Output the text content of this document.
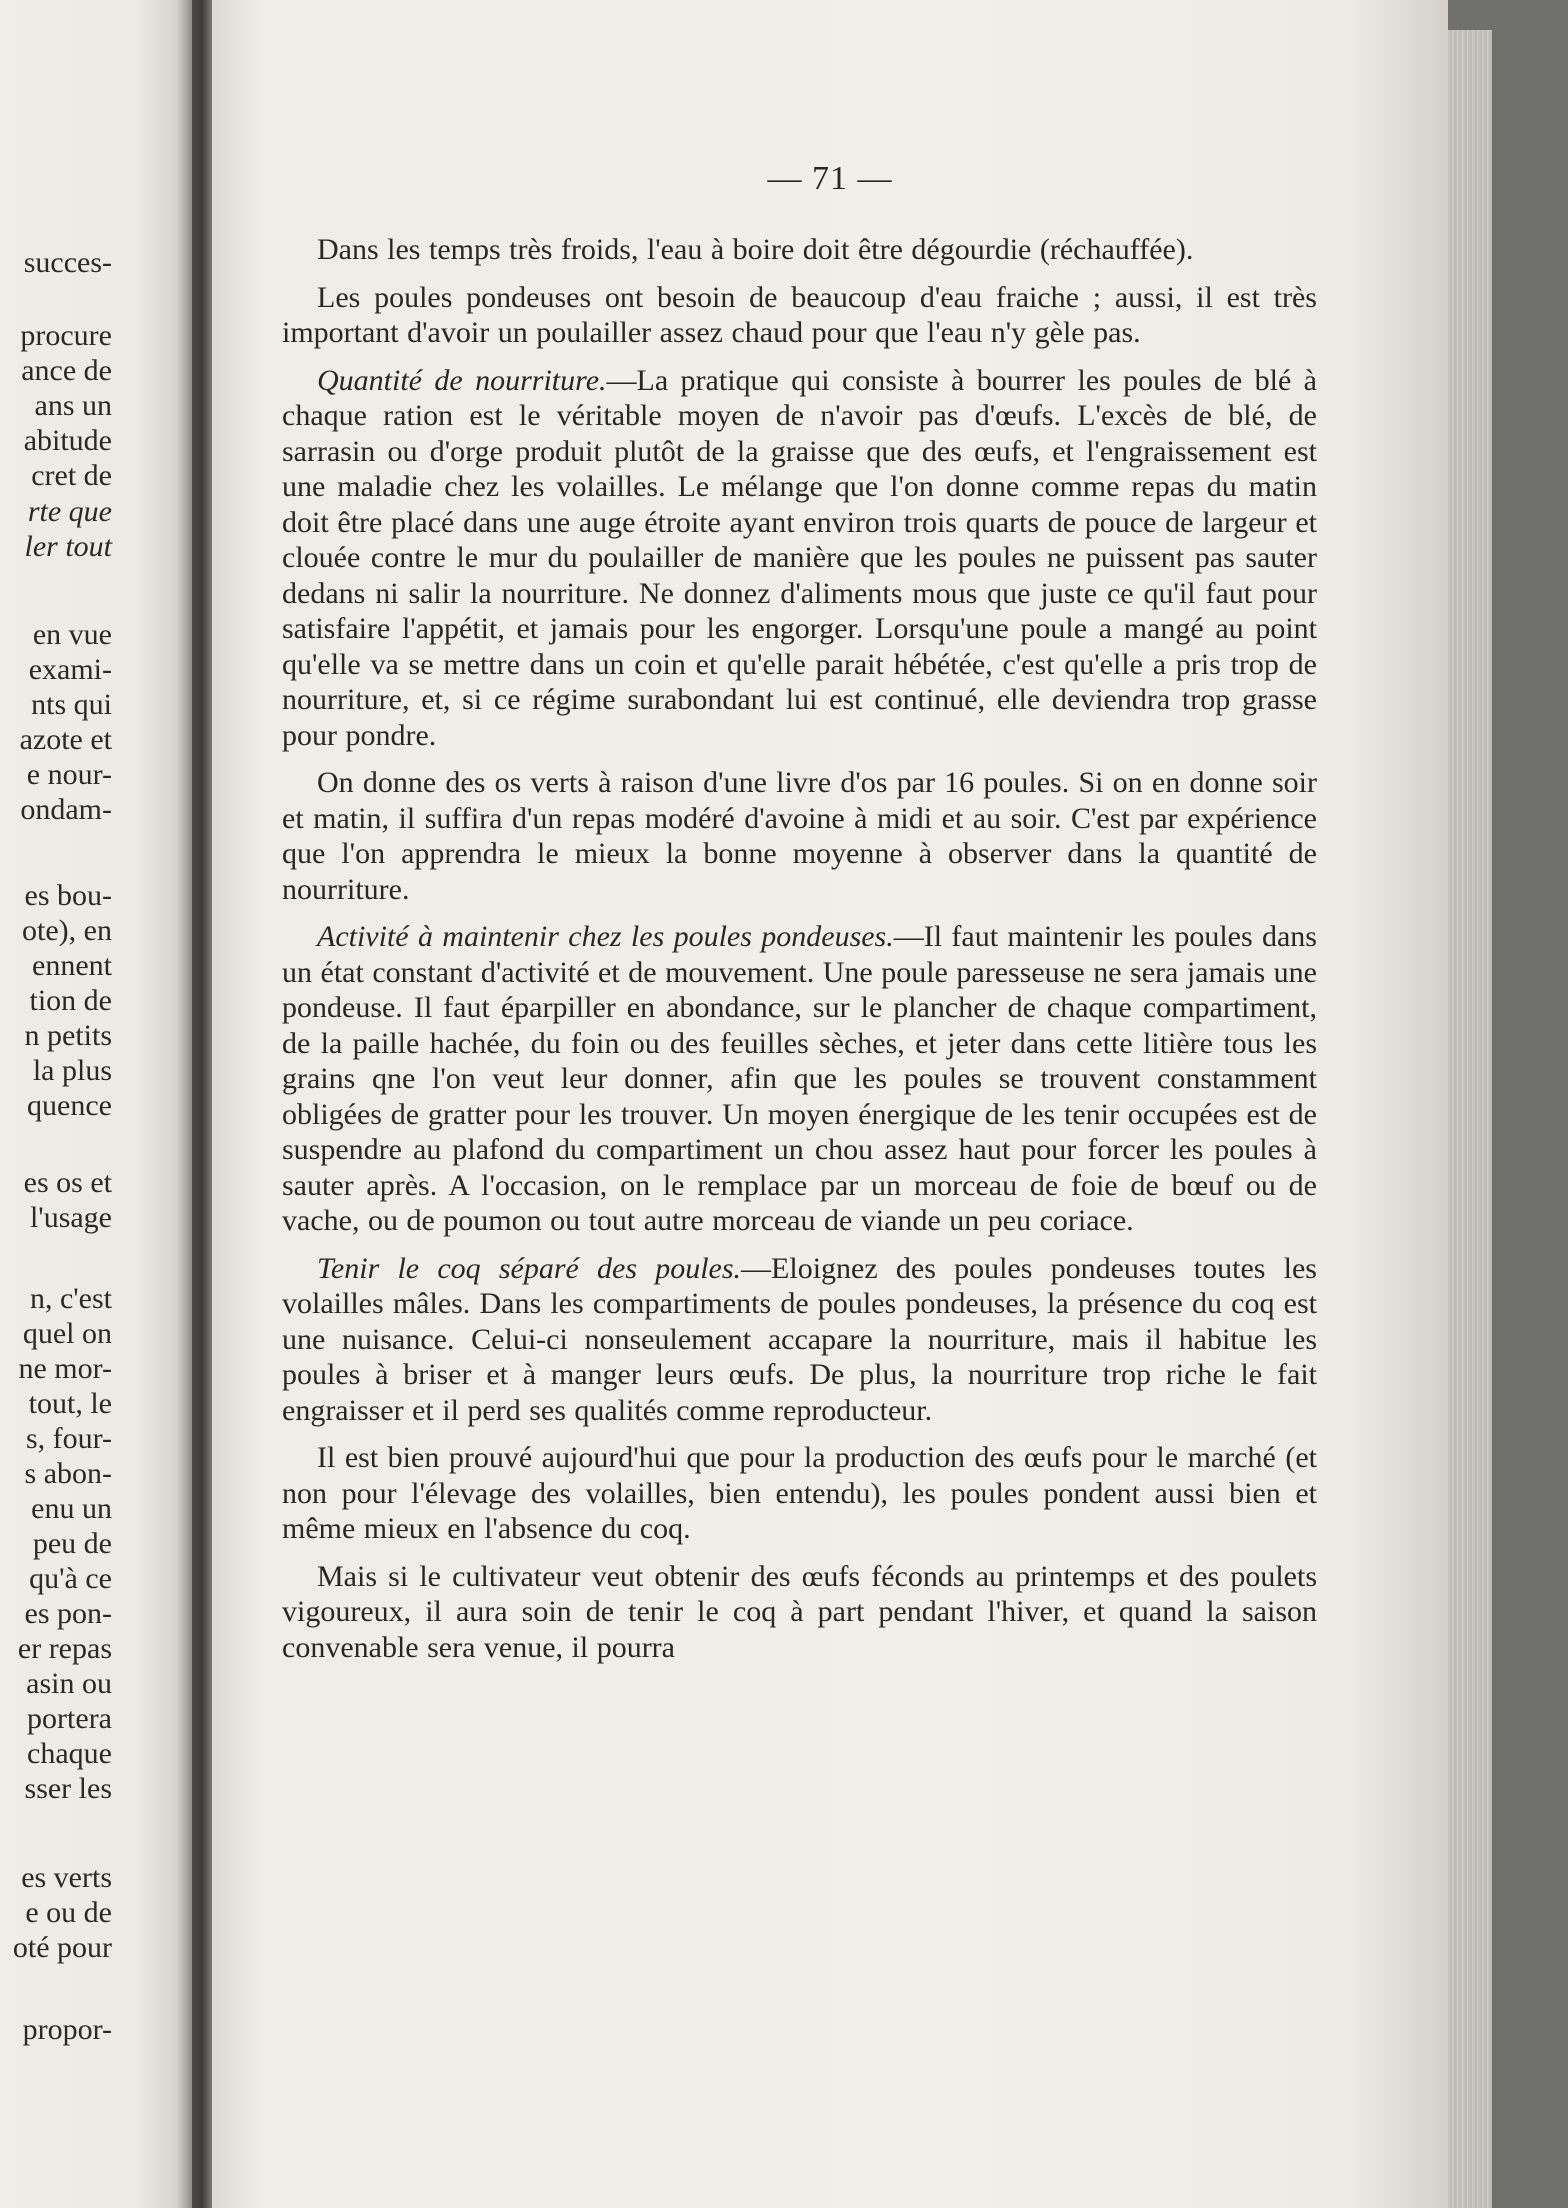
succes-
procure
ance de
ans un
abitude
cret de
rte que
ler tout
en vue
exami-
nts qui
azote et
e nour-
ondam-
es bou-
ote), en
ennent
tion de
n petits
la plus
quence
es os et
l'usage
n, c'est
quel on
ne mor-
tout, le
s, four-
s abon-
enu un
peu de
qu'à ce
es pon-
er repas
asin ou
portera
chaque
sser les
es verts
e ou de
oté pour
propor-
— 71 —

Dans les temps très froids, l'eau à boire doit être dégourdie (réchauffée).

Les poules pondeuses ont besoin de beaucoup d'eau fraiche ; aussi, il est très important d'avoir un poulailler assez chaud pour que l'eau n'y gèle pas.

Quantité de nourriture.—La pratique qui consiste à bourrer les poules de blé à chaque ration est le véritable moyen de n'avoir pas d'œufs. L'excès de blé, de sarrasin ou d'orge produit plutôt de la graisse que des œufs, et l'engraissement est une maladie chez les volailles. Le mélange que l'on donne comme repas du matin doit être placé dans une auge étroite ayant environ trois quarts de pouce de largeur et clouée contre le mur du poulailler de manière que les poules ne puissent pas sauter dedans ni salir la nourriture. Ne donnez d'aliments mous que juste ce qu'il faut pour satisfaire l'appétit, et jamais pour les engorger. Lorsqu'une poule a mangé au point qu'elle va se mettre dans un coin et qu'elle parait hébétée, c'est qu'elle a pris trop de nourriture, et, si ce régime surabondant lui est continué, elle deviendra trop grasse pour pondre.

On donne des os verts à raison d'une livre d'os par 16 poules. Si on en donne soir et matin, il suffira d'un repas modéré d'avoine à midi et au soir. C'est par expérience que l'on apprendra le mieux la bonne moyenne à observer dans la quantité de nourriture.

Activité à maintenir chez les poules pondeuses.—Il faut maintenir les poules dans un état constant d'activité et de mouvement. Une poule paresseuse ne sera jamais une pondeuse. Il faut éparpiller en abondance, sur le plancher de chaque compartiment, de la paille hachée, du foin ou des feuilles sèches, et jeter dans cette litière tous les grains qne l'on veut leur donner, afin que les poules se trouvent constamment obligées de gratter pour les trouver. Un moyen énergique de les tenir occupées est de suspendre au plafond du compartiment un chou assez haut pour forcer les poules à sauter après. A l'occasion, on le remplace par un morceau de foie de bœuf ou de vache, ou de poumon ou tout autre morceau de viande un peu coriace.

Tenir le coq séparé des poules.—Eloignez des poules pondeuses toutes les volailles mâles. Dans les compartiments de poules pondeuses, la présence du coq est une nuisance. Celui-ci nonseulement accapare la nourriture, mais il habitue les poules à briser et à manger leurs œufs. De plus, la nourriture trop riche le fait engraisser et il perd ses qualités comme reproducteur.

Il est bien prouvé aujourd'hui que pour la production des œufs pour le marché (et non pour l'élevage des volailles, bien entendu), les poules pondent aussi bien et même mieux en l'absence du coq.

Mais si le cultivateur veut obtenir des œufs féconds au printemps et des poulets vigoureux, il aura soin de tenir le coq à part pendant l'hiver, et quand la saison convenable sera venue, il pourra
